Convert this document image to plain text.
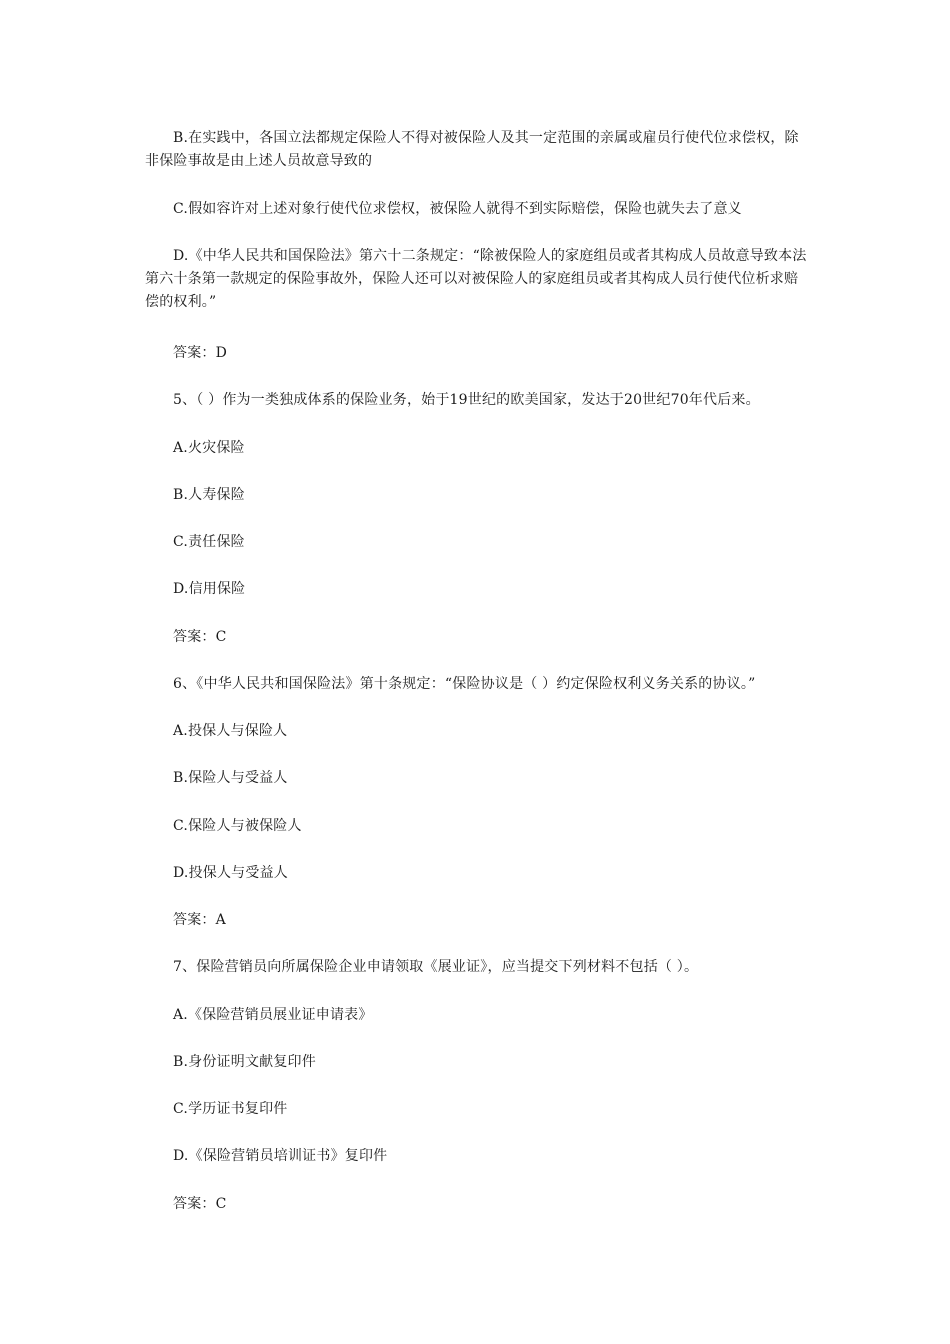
B.在实践中，各国立法都规定保险人不得对被保险人及其一定范围的亲属或雇员行使代位求偿权，除非保险事故是由上述人员故意导致的

C.假如容许对上述对象行使代位求偿权，被保险人就得不到实际赔偿，保险也就失去了意义

D.《中华人民共和国保险法》第六十二条规定：“除被保险人的家庭组员或者其构成人员故意导致本法第六十条第一款规定的保险事故外，保险人还可以对被保险人的家庭组员或者其构成人员行使代位析求赔偿的权利。”

答案：D

5、（ ）作为一类独成体系的保险业务，始于19世纪的欧美国家，发达于20世纪70年代后来。

A.火灾保险

B.人寿保险

C.责任保险

D.信用保险

答案：C

6、《中华人民共和国保险法》第十条规定：“保险协议是（ ）约定保险权利义务关系的协议。”

A.投保人与保险人

B.保险人与受益人

C.保险人与被保险人

D.投保人与受益人

答案：A

7、保险营销员向所属保险企业申请领取《展业证》，应当提交下列材料不包括（ ）。

A.《保险营销员展业证申请表》

B.身份证明文献复印件

C.学历证书复印件

D.《保险营销员培训证书》复印件

答案：C
